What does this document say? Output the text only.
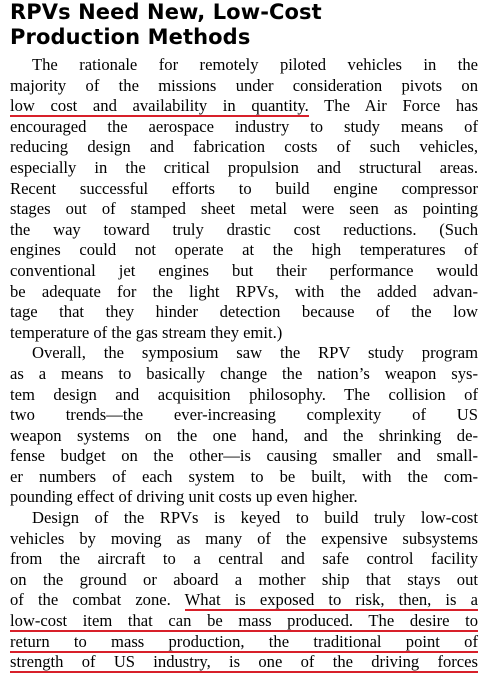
RPVs Need New, Low-Cost
Production Methods
The rationale for remotely piloted vehicles in the
majority of the missions under consideration pivots on
low cost and availability in quantity. The Air Force has
encouraged the aerospace industry to study means of
reducing design and fabrication costs of such vehicles,
especially in the critical propulsion and structural areas.
Recent successful efforts to build engine compressor
stages out of stamped sheet metal were seen as pointing
the way toward truly drastic cost reductions. (Such
engines could not operate at the high temperatures of
conventional jet engines but their performance would
be adequate for the light RPVs, with the added advan-
tage that they hinder detection because of the low
temperature of the gas stream they emit.)
Overall, the symposium saw the RPV study program
as a means to basically change the nation’s weapon sys-
tem design and acquisition philosophy. The collision of
two trends—the ever-increasing complexity of US
weapon systems on the one hand, and the shrinking de-
fense budget on the other—is causing smaller and small-
er numbers of each system to be built, with the com-
pounding effect of driving unit costs up even higher.
Design of the RPVs is keyed to build truly low-cost
vehicles by moving as many of the expensive subsystems
from the aircraft to a central and safe control facility
on the ground or aboard a mother ship that stays out
of the combat zone. What is exposed to risk, then, is a
low-cost item that can be mass produced. The desire to
return to mass production, the traditional point of
strength of US industry, is one of the driving forces
